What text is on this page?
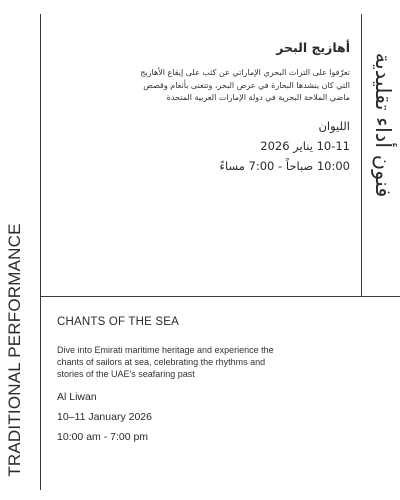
TRADITIONAL PERFORMANCE
فنون أداء تقليدية

أهازيج البحر

تعرّفوا على التراث البحري الإماراتي عن كثب على إيقاع الأهازيج
التي كان ينشدها البحارة في عرض البحر، وتتغنى بأنغام وقصص
ماضي الملاحة البحرية في دولة الإمارات العربية المتحدة

الليوان

10-11 يناير 2026

10:00 صباحاً - 7:00 مساءً

CHANTS OF THE SEA

Dive into Emirati maritime heritage and experience the
chants of sailors at sea, celebrating the rhythms and
stories of the UAE's seafaring past

Al Liwan

10–11 January 2026

10:00 am - 7:00 pm
